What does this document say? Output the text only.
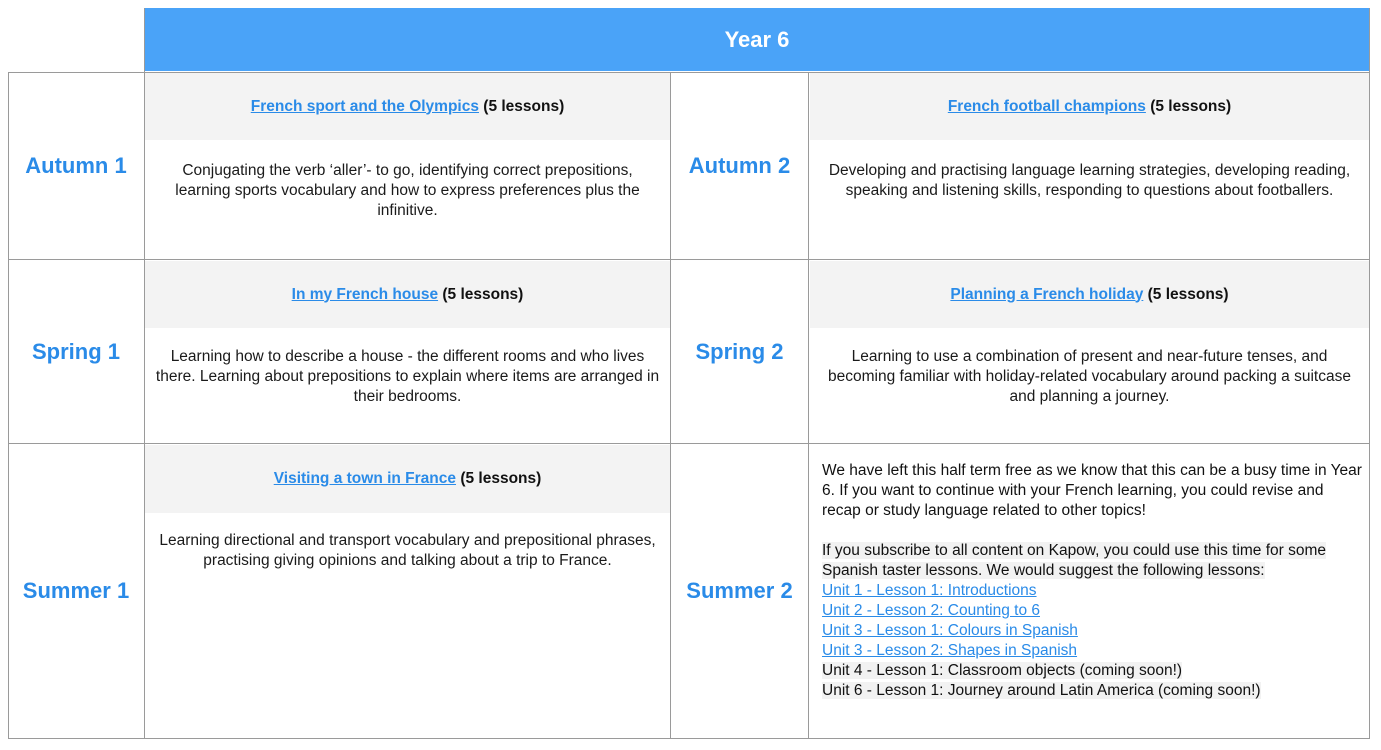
Year 6
Autumn 1
French sport and the Olympics (5 lessons)
Conjugating the verb ‘aller’- to go, identifying correct prepositions, learning sports vocabulary and how to express preferences plus the infinitive.
Autumn 2
French football champions (5 lessons)
Developing and practising language learning strategies, developing reading, speaking and listening skills, responding to questions about footballers.
Spring 1
In my French house (5 lessons)
Learning how to describe a house - the different rooms and who lives there. Learning about prepositions to explain where items are arranged in their bedrooms.
Spring 2
Planning a French holiday (5 lessons)
Learning to use a combination of present and near-future tenses, and becoming familiar with holiday-related vocabulary around packing a suitcase and planning a journey.
Summer 1
Visiting a town in France (5 lessons)
Learning directional and transport vocabulary and prepositional phrases, practising giving opinions and talking about a trip to France.
Summer 2

We have left this half term free as we know that this can be a busy time in Year 6. If you want to continue with your French learning, you could revise and recap or study language related to other topics!

If you subscribe to all content on Kapow, you could use this time for some Spanish taster lessons. We would suggest the following lessons:

Unit 1 - Lesson 1: Introductions
Unit 2 - Lesson 2: Counting to 6
Unit 3 - Lesson 1: Colours in Spanish
Unit 3 - Lesson 2: Shapes in Spanish
Unit 4 - Lesson 1: Classroom objects (coming soon!)
Unit 6 - Lesson 1: Journey around Latin America (coming soon!)
